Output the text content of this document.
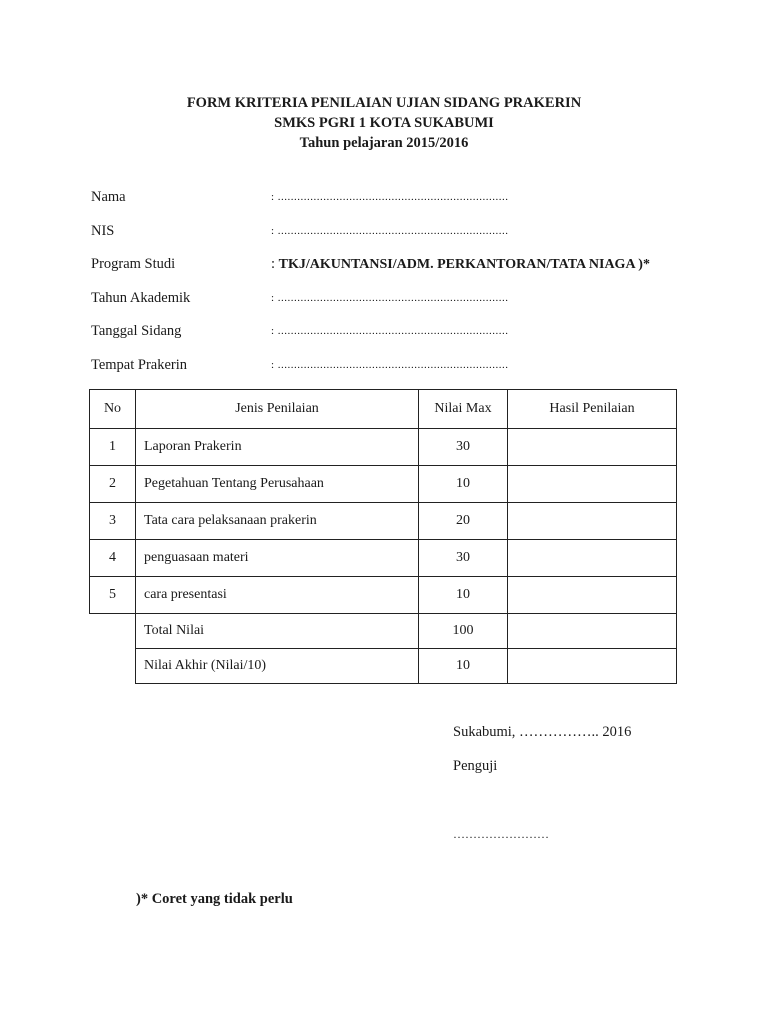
FORM KRITERIA PENILAIAN UJIAN SIDANG PRAKERIN
SMKS PGRI 1 KOTA SUKABUMI
Tahun pelajaran 2015/2016
Nama	: .......................................................................
NIS	: .......................................................................
Program Studi	: TKJ/AKUNTANSI/ADM. PERKANTORAN/TATA NIAGA )*
Tahun Akademik	: .......................................................................
Tanggal Sidang	: .......................................................................
Tempat Prakerin	: .......................................................................
No	Jenis Penilaian	Nilai Max	Hasil Penilaian
1	Laporan Prakerin	30	
2	Pegetahuan Tentang Perusahaan	10	
3	Tata cara pelaksanaan prakerin	20	
4	penguasaan materi	30	
5	cara presentasi	10	
	Total Nilai	100	
	Nilai Akhir (Nilai/10)	10	
Sukabumi, …………….. 2016
Penguji
……………………
)* Coret yang tidak perlu
